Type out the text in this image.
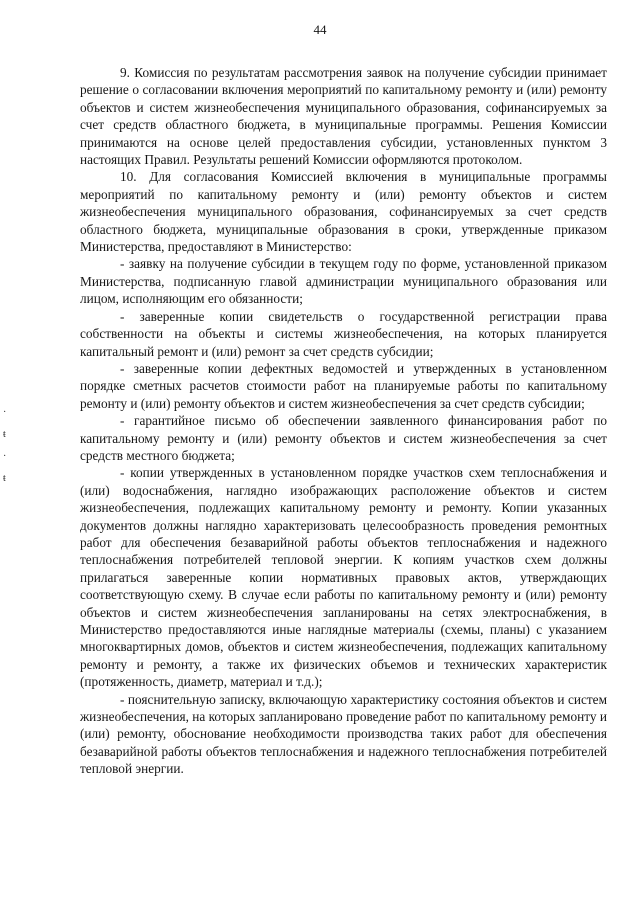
44
·
ŧ
·
ŧ

9. Комиссия по результатам рассмотрения заявок на получение субсидии принимает решение о согласовании включения мероприятий по капитальному ремонту и (или) ремонту объектов и систем жизнеобеспечения муниципального образования, софинансируемых за счет средств областного бюджета, в муниципальные программы. Решения Комиссии принимаются на основе целей предоставления субсидии, установленных пунктом 3 настоящих Правил. Результаты решений Комиссии оформляются протоколом.

10. Для согласования Комиссией включения в муниципальные программы мероприятий по капитальному ремонту и (или) ремонту объектов и систем жизнеобеспечения муниципального образования, софинансируемых за счет средств областного бюджета, муниципальные образования в сроки, утвержденные приказом Министерства, предоставляют в Министерство:

- заявку на получение субсидии в текущем году по форме, установленной приказом Министерства, подписанную главой администрации муниципального образования или лицом, исполняющим его обязанности;

- заверенные копии свидетельств о государственной регистрации права собственности на объекты и системы жизнеобеспечения, на которых планируется капитальный ремонт и (или) ремонт за счет средств субсидии;

- заверенные копии дефектных ведомостей и утвержденных в установленном порядке сметных расчетов стоимости работ на планируемые работы по капитальному ремонту и (или) ремонту объектов и систем жизнеобеспечения за счет средств субсидии;

- гарантийное письмо об обеспечении заявленного финансирования работ по капитальному ремонту и (или) ремонту объектов и систем жизнеобеспечения за счет средств местного бюджета;

- копии утвержденных в установленном порядке участков схем теплоснабжения и (или) водоснабжения, наглядно изображающих расположение объектов и систем жизнеобеспечения, подлежащих капитальному ремонту и ремонту. Копии указанных документов должны наглядно характеризовать целесообразность проведения ремонтных работ для обеспечения безаварийной работы объектов теплоснабжения и надежного теплоснабжения потребителей тепловой энергии. К копиям участков схем должны прилагаться заверенные копии нормативных правовых актов, утверждающих соответствующую схему. В случае если работы по капитальному ремонту и (или) ремонту объектов и систем жизнеобеспечения запланированы на сетях электроснабжения, в Министерство предоставляются иные наглядные материалы (схемы, планы) с указанием многоквартирных домов, объектов и систем жизнеобеспечения, подлежащих капитальному ремонту и ремонту, а также их физических объемов и технических характеристик (протяженность, диаметр, материал и т.д.);

- пояснительную записку, включающую характеристику состояния объектов и систем жизнеобеспечения, на которых запланировано проведение работ по капитальному ремонту и (или) ремонту, обоснование необходимости производства таких работ для обеспечения безаварийной работы объектов теплоснабжения и надежного теплоснабжения потребителей тепловой энергии.
